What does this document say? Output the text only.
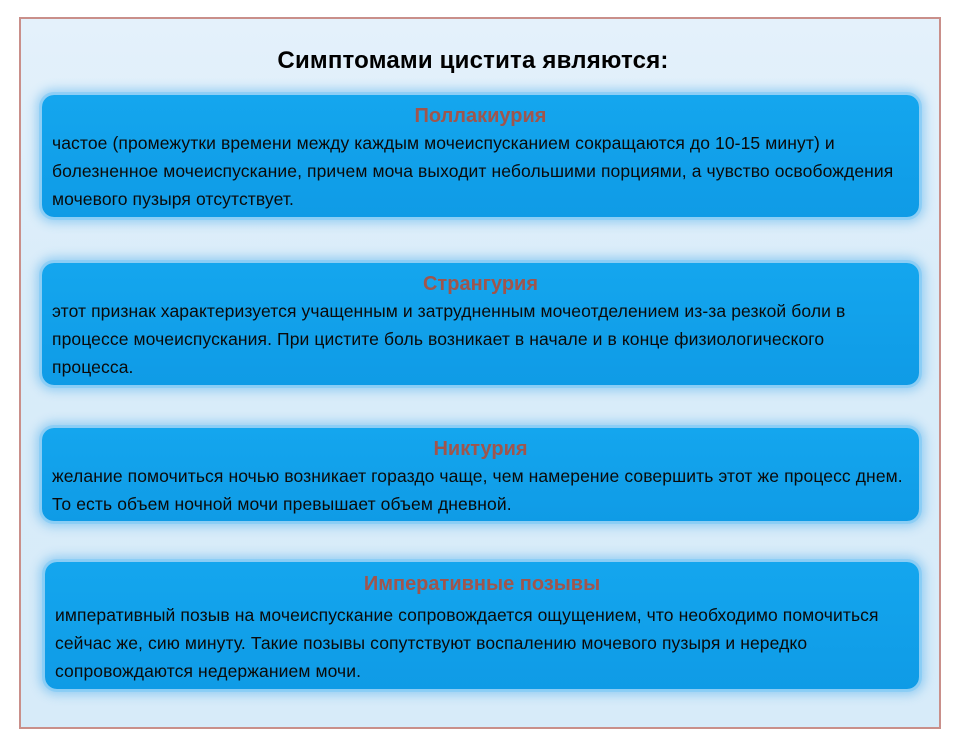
Симптомами цистита являются:
Поллакиурия
частое (промежутки времени между каждым мочеиспусканием сокращаются до 10-15 минут) и болезненное мочеиспускание, причем моча выходит небольшими порциями, а чувство освобождения мочевого пузыря отсутствует.
Странгурия
этот признак характеризуется учащенным и затрудненным мочеотделением из-за резкой боли в процессе мочеиспускания. При цистите боль возникает в начале и в конце физиологического процесса.
Никтурия
желание помочиться ночью возникает гораздо чаще, чем намерение совершить этот же процесс днем. То есть объем ночной мочи превышает объем дневной.
Императивные позывы
императивный позыв на мочеиспускание сопровождается ощущением, что необходимо помочиться сейчас же, сию минуту. Такие позывы сопутствуют воспалению мочевого пузыря и нередко сопровождаются недержанием мочи.
